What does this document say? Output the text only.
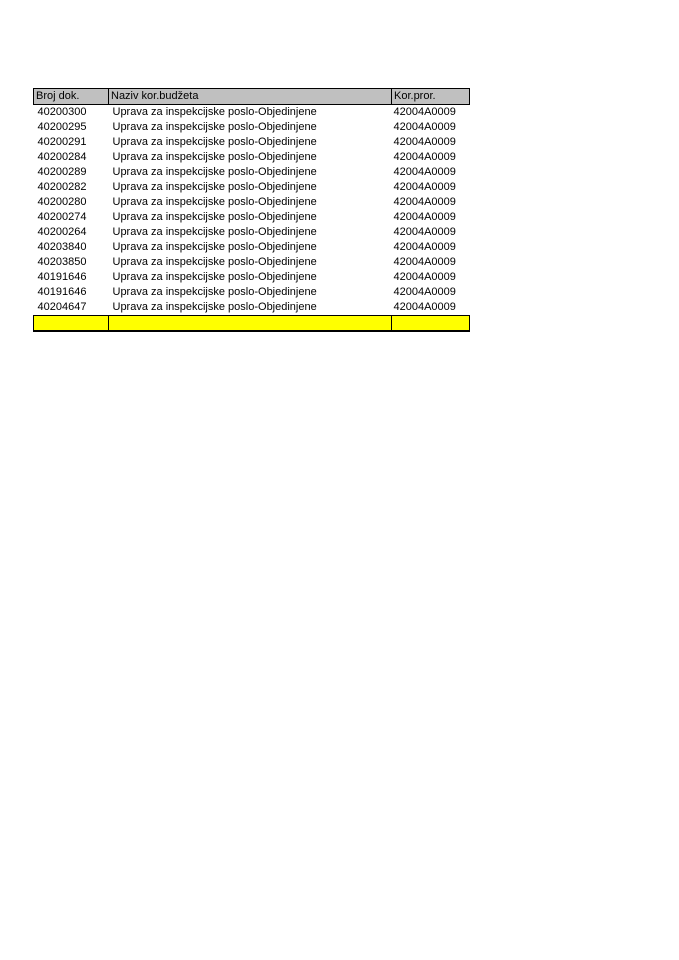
Broj dok.	Naziv kor.budžeta	Kor.pror.
40200300	Uprava za inspekcijske poslo-Objedinjene	42004A0009
40200295	Uprava za inspekcijske poslo-Objedinjene	42004A0009
40200291	Uprava za inspekcijske poslo-Objedinjene	42004A0009
40200284	Uprava za inspekcijske poslo-Objedinjene	42004A0009
40200289	Uprava za inspekcijske poslo-Objedinjene	42004A0009
40200282	Uprava za inspekcijske poslo-Objedinjene	42004A0009
40200280	Uprava za inspekcijske poslo-Objedinjene	42004A0009
40200274	Uprava za inspekcijske poslo-Objedinjene	42004A0009
40200264	Uprava za inspekcijske poslo-Objedinjene	42004A0009
40203840	Uprava za inspekcijske poslo-Objedinjene	42004A0009
40203850	Uprava za inspekcijske poslo-Objedinjene	42004A0009
40191646	Uprava za inspekcijske poslo-Objedinjene	42004A0009
40191646	Uprava za inspekcijske poslo-Objedinjene	42004A0009
40204647	Uprava za inspekcijske poslo-Objedinjene	42004A0009
